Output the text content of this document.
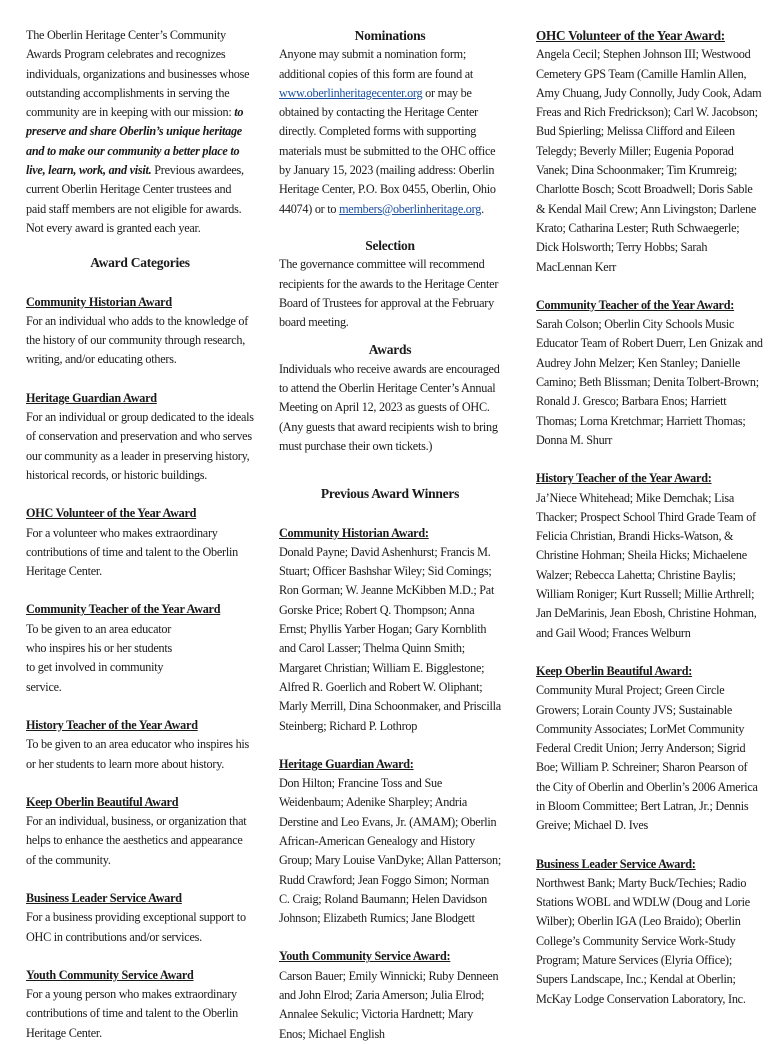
The Oberlin Heritage Center’s Community Awards Program celebrates and recognizes individuals, organizations and businesses whose outstanding accomplishments in serving the community are in keeping with our mission: to preserve and share Oberlin’s unique heritage and to make our community a better place to live, learn, work, and visit. Previous awardees, current Oberlin Heritage Center trustees and paid staff members are not eligible for awards. Not every award is granted each year.

Award Categories

Community Historian Award
For an individual who adds to the knowledge of the history of our community through research, writing, and/or educating others.
Heritage Guardian Award
For an individual or group dedicated to the ideals of conservation and preservation and who serves our community as a leader in preserving history, historical records, or historic buildings.
OHC Volunteer of the Year Award
For a volunteer who makes extraordinary contributions of time and talent to the Oberlin Heritage Center.
Community Teacher of the Year Award
To be given to an area educator who inspires his or her students to get involved in community service.
History Teacher of the Year Award
To be given to an area educator who inspires his or her students to learn more about history.
Keep Oberlin Beautiful Award
For an individual, business, or organization that helps to enhance the aesthetics and appearance of the community.
Business Leader Service Award
For a business providing exceptional support to OHC in contributions and/or services.
Youth Community Service Award
For a young person who makes extraordinary contributions of time and talent to the Oberlin Heritage Center.

Nominations

Anyone may submit a nomination form; additional copies of this form are found at www.oberlinheritagecenter.org or may be obtained by contacting the Heritage Center directly. Completed forms with supporting materials must be submitted to the OHC office by January 15, 2023 (mailing address: Oberlin Heritage Center, P.O. Box 0455, Oberlin, Ohio 44074) or to members@oberlinheritage.org.

Selection

The governance committee will recommend recipients for the awards to the Heritage Center Board of Trustees for approval at the February board meeting.

Awards

Individuals who receive awards are encouraged to attend the Oberlin Heritage Center’s Annual Meeting on April 12, 2023 as guests of OHC. (Any guests that award recipients wish to bring must purchase their own tickets.)

Previous Award Winners

Community Historian Award:
Donald Payne; David Ashenhurst; Francis M. Stuart; Officer Bashshar Wiley; Sid Comings; Ron Gorman; W. Jeanne McKibben M.D.; Pat Gorske Price; Robert Q. Thompson; Anna Ernst; Phyllis Yarber Hogan; Gary Kornblith and Carol Lasser; Thelma Quinn Smith; Margaret Christian; William E. Bigglestone; Alfred R. Goerlich and Robert W. Oliphant; Marly Merrill, Dina Schoonmaker, and Priscilla Steinberg; Richard P. Lothrop
Heritage Guardian Award:
Don Hilton; Francine Toss and Sue Weidenbaum; Adenike Sharpley; Andria Derstine and Leo Evans, Jr. (AMAM); Oberlin African-American Genealogy and History Group; Mary Louise VanDyke; Allan Patterson; Rudd Crawford; Jean Foggo Simon; Norman C. Craig; Roland Baumann; Helen Davidson Johnson; Elizabeth Rumics; Jane Blodgett
Youth Community Service Award:
Carson Bauer; Emily Winnicki; Ruby Denneen and John Elrod; Zaria Amerson; Julia Elrod; Annalee Sekulic; Victoria Hardnett; Mary Enos; Michael English
OHC Volunteer of the Year Award:
Angela Cecil; Stephen Johnson III; Westwood Cemetery GPS Team (Camille Hamlin Allen, Amy Chuang, Judy Connolly, Judy Cook, Adam Freas and Rich Fredrickson); Carl W. Jacobson; Bud Spierling; Melissa Clifford and Eileen Telegdy; Beverly Miller; Eugenia Poporad Vanek; Dina Schoonmaker; Tim Krumreig; Charlotte Bosch; Scott Broadwell; Doris Sable & Kendal Mail Crew; Ann Livingston; Darlene Krato; Catharina Lester; Ruth Schwaegerle; Dick Holsworth; Terry Hobbs; Sarah MacLennan Kerr
Community Teacher of the Year Award:
Sarah Colson; Oberlin City Schools Music Educator Team of Robert Duerr, Len Gnizak and Audrey John Melzer; Ken Stanley; Danielle Camino; Beth Blissman; Denita Tolbert-Brown; Ronald J. Gresco; Barbara Enos; Harriett Thomas; Lorna Kretchmar; Harriett Thomas; Donna M. Shurr
History Teacher of the Year Award:
Ja’Niece Whitehead; Mike Demchak; Lisa Thacker; Prospect School Third Grade Team of Felicia Christian, Brandi Hicks-Watson, & Christine Hohman; Sheila Hicks; Michaelene Walzer; Rebecca Lahetta; Christine Baylis; William Roniger; Kurt Russell; Millie Arthrell; Jan DeMarinis, Jean Ebosh, Christine Hohman, and Gail Wood; Frances Welburn
Keep Oberlin Beautiful Award:
Community Mural Project; Green Circle Growers; Lorain County JVS; Sustainable Community Associates; LorMet Community Federal Credit Union; Jerry Anderson; Sigrid Boe; William P. Schreiner; Sharon Pearson of the City of Oberlin and Oberlin’s 2006 America in Bloom Committee; Bert Latran, Jr.; Dennis Greive; Michael D. Ives
Business Leader Service Award:
Northwest Bank; Marty Buck/Techies; Radio Stations WOBL and WDLW (Doug and Lorie Wilber); Oberlin IGA (Leo Braido); Oberlin College’s Community Service Work-Study Program; Mature Services (Elyria Office); Supers Landscape, Inc.; Kendal at Oberlin; McKay Lodge Conservation Laboratory, Inc.
